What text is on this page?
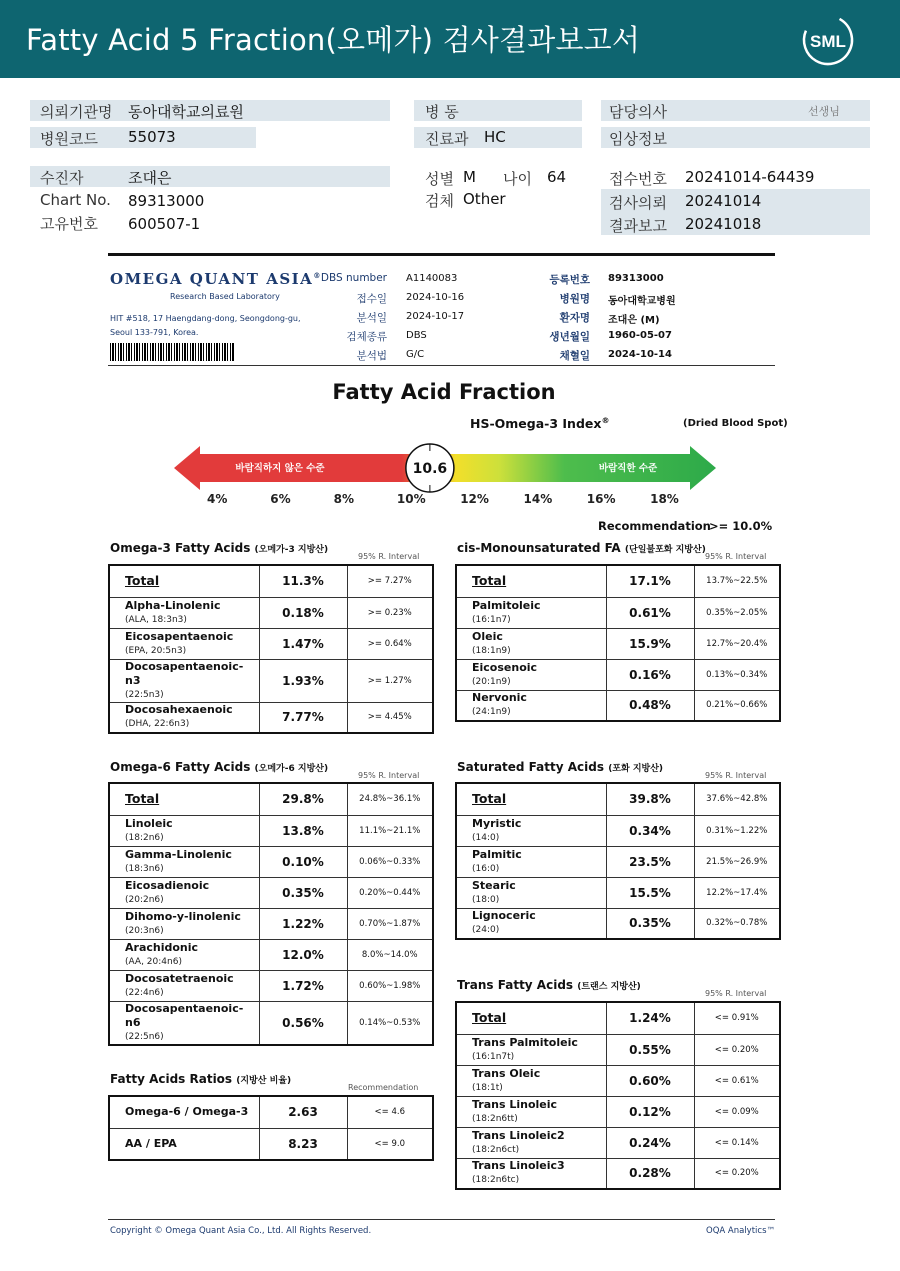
Fatty Acid 5 Fraction(오메가) 검사결과보고서	SML
의뢰기관명 동아대학교의료원
병원코드 55073
병 동
진료과 HC
담당의사	선생님
임상정보
수진자	조대은
Chart No. 89313000
고유번호 600507-1
성별 M 나이 64
검체 Other
접수번호 20241014-64439
검사의뢰 20241014
결과보고 20241018
OMEGA QUANT ASIA®
Research Based Laboratory
HIT #518, 17 Haengdang-dong, Seongdong-gu, Seoul 133-791, Korea.
DBS number A1140083
접수일 2024-10-16
분석일 2024-10-17
검체종류 DBS
분석법 G/C
등록번호 89313000
병원명 동아대학교병원
환자명 조대은 (M)
생년월일 1960-05-07
채혈일 2024-10-14
Fatty Acid Fraction
HS-Omega-3 Index®	(Dried Blood Spot)
바람직하지 않은 수준	바람직한 수준
10.6
4%	6%	8%	10%	12%	14%	16%	18%
Recommendation
>= 10.0%
Omega-3 Fatty Acids (오메가-3 지방산)
95% R. Interval
Total	11.3%	>= 7.27%
Alpha-Linolenic
(ALA, 18:3n3)	0.18%	>= 0.23%
Eicosapentaenoic
(EPA, 20:5n3)	1.47%	>= 0.64%
Docosapentaenoic-n3
(22:5n3)	1.93%	>= 1.27%
Docosahexaenoic
(DHA, 22:6n3)	7.77%	>= 4.45%
cis-Monounsaturated FA (단일불포화 지방산)
95% R. Interval
Total	17.1%	13.7%~22.5%
Palmitoleic
(16:1n7)	0.61%	0.35%~2.05%
Oleic
(18:1n9)	15.9%	12.7%~20.4%
Eicosenoic
(20:1n9)	0.16%	0.13%~0.34%
Nervonic
(24:1n9)	0.48%	0.21%~0.66%
Omega-6 Fatty Acids (오메가-6 지방산)
95% R. Interval
Total	29.8%	24.8%~36.1%
Linoleic
(18:2n6)	13.8%	11.1%~21.1%
Gamma-Linolenic
(18:3n6)	0.10%	0.06%~0.33%
Eicosadienoic
(20:2n6)	0.35%	0.20%~0.44%
Dihomo-y-linolenic
(20:3n6)	1.22%	0.70%~1.87%
Arachidonic
(AA, 20:4n6)	12.0%	8.0%~14.0%
Docosatetraenoic
(22:4n6)	1.72%	0.60%~1.98%
Docosapentaenoic-n6
(22:5n6)	0.56%	0.14%~0.53%
Saturated Fatty Acids (포화 지방산)
95% R. Interval
Total	39.8%	37.6%~42.8%
Myristic
(14:0)	0.34%	0.31%~1.22%
Palmitic
(16:0)	23.5%	21.5%~26.9%
Stearic
(18:0)	15.5%	12.2%~17.4%
Lignoceric
(24:0)	0.35%	0.32%~0.78%
Trans Fatty Acids (트랜스 지방산)
95% R. Interval
Total	1.24%	<= 0.91%
Trans Palmitoleic
(16:1n7t)	0.55%	<= 0.20%
Trans Oleic
(18:1t)	0.60%	<= 0.61%
Trans Linoleic
(18:2n6tt)	0.12%	<= 0.09%
Trans Linoleic2
(18:2n6ct)	0.24%	<= 0.14%
Trans Linoleic3
(18:2n6tc)	0.28%	<= 0.20%
Fatty Acids Ratios (지방산 비율)
Recommendation
Omega-6 / Omega-3	2.63	<= 4.6
AA / EPA	8.23	<= 9.0
Copyright © Omega Quant Asia Co., Ltd. All Rights Reserved.	OQA Analytics™
